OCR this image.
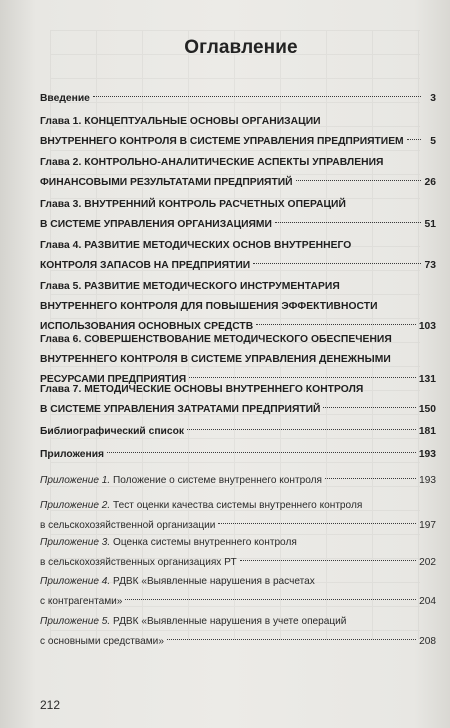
Оглавление
Введение	3
Глава 1. КОНЦЕПТУАЛЬНЫЕ ОСНОВЫ ОРГАНИЗАЦИИ
ВНУТРЕННЕГО КОНТРОЛЯ В СИСТЕМЕ УПРАВЛЕНИЯ ПРЕДПРИЯТИЕМ	5
Глава 2. КОНТРОЛЬНО-АНАЛИТИЧЕСКИЕ АСПЕКТЫ УПРАВЛЕНИЯ
ФИНАНСОВЫМИ РЕЗУЛЬТАТАМИ ПРЕДПРИЯТИЙ	26
Глава 3. ВНУТРЕННИЙ КОНТРОЛЬ РАСЧЕТНЫХ ОПЕРАЦИЙ
В СИСТЕМЕ УПРАВЛЕНИЯ ОРГАНИЗАЦИЯМИ	51
Глава 4. РАЗВИТИЕ МЕТОДИЧЕСКИХ ОСНОВ ВНУТРЕННЕГО
КОНТРОЛЯ ЗАПАСОВ НА ПРЕДПРИЯТИИ	73
Глава 5. РАЗВИТИЕ МЕТОДИЧЕСКОГО ИНСТРУМЕНТАРИЯ
ВНУТРЕННЕГО КОНТРОЛЯ ДЛЯ ПОВЫШЕНИЯ ЭФФЕКТИВНОСТИ
ИСПОЛЬЗОВАНИЯ ОСНОВНЫХ СРЕДСТВ	103
Глава 6. СОВЕРШЕНСТВОВАНИЕ МЕТОДИЧЕСКОГО ОБЕСПЕЧЕНИЯ
ВНУТРЕННЕГО КОНТРОЛЯ В СИСТЕМЕ УПРАВЛЕНИЯ ДЕНЕЖНЫМИ
РЕСУРСАМИ ПРЕДПРИЯТИЯ	131
Глава 7. МЕТОДИЧЕСКИЕ ОСНОВЫ ВНУТРЕННЕГО КОНТРОЛЯ
В СИСТЕМЕ УПРАВЛЕНИЯ ЗАТРАТАМИ ПРЕДПРИЯТИЙ	150
Библиографический список	181
Приложения	193
Приложение 1. Положение о системе внутреннего контроля	193
Приложение 2. Тест оценки качества системы внутреннего контроля
в сельскохозяйственной организации	197
Приложение 3. Оценка системы внутреннего контроля
в сельскохозяйственных организациях РТ	202
Приложение 4. РДВК «Выявленные нарушения в расчетах
с контрагентами»	204
Приложение 5. РДВК «Выявленные нарушения в учете операций
с основными средствами»	208
212
